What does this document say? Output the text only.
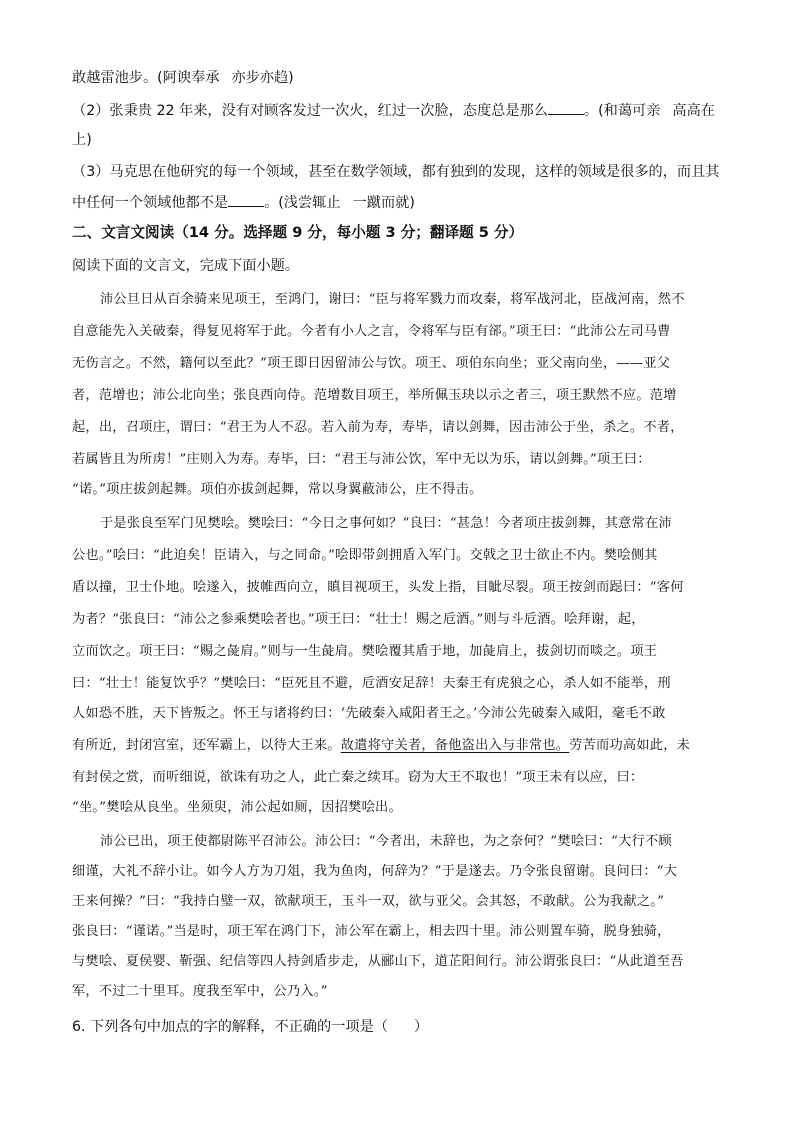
敢越雷池步。(阿谀奉承 亦步亦趋)
（2）张秉贵 22 年来，没有对顾客发过一次火，红过一次脸，态度总是那么	。(和蔼可亲 高高在
上)
（3）马克思在他研究的每一个领域，甚至在数学领域，都有独到的发现，这样的领域是很多的，而且其
中任何一个领域他都不是	。(浅尝辄止 一蹴而就)
二、文言文阅读（14 分。选择题 9 分，每小题 3 分；翻译题 5 分）
阅读下面的文言文，完成下面小题。
沛公旦日从百余骑来见项王，至鸿门，谢曰：“臣与将军戮力而攻秦，将军战河北，臣战河南，然不
自意能先入关破秦，得复见将军于此。今者有小人之言，令将军与臣有郤。”项王曰：“此沛公左司马曹
无伤言之。不然，籍何以至此？”项王即日因留沛公与饮。项王、项伯东向坐；亚父南向坐，——亚父
者，范增也；沛公北向坐；张良西向侍。范增数目项王，举所佩玉玦以示之者三，项王默然不应。范增
起，出，召项庄，谓曰：“君王为人不忍。若入前为寿，寿毕，请以剑舞，因击沛公于坐，杀之。不者，
若属皆且为所虏！”庄则入为寿。寿毕，曰：“君王与沛公饮，军中无以为乐，请以剑舞。”项王曰：
“诺。”项庄拔剑起舞。项伯亦拔剑起舞，常以身翼蔽沛公，庄不得击。
于是张良至军门见樊哙。樊哙曰：“今日之事何如？”良曰：“甚急！今者项庄拔剑舞，其意常在沛
公也。”哙曰：“此迫矣！臣请入，与之同命。”哙即带剑拥盾入军门。交戟之卫士欲止不内。樊哙侧其
盾以撞，卫士仆地。哙遂入，披帷西向立，瞋目视项王，头发上指，目眦尽裂。项王按剑而跽曰：“客何
为者？”张良曰：“沛公之参乘樊哙者也。”项王曰：“壮士！赐之卮酒。”则与斗卮酒。哙拜谢，起，
立而饮之。项王曰：“赐之彘肩。”则与一生彘肩。樊哙覆其盾于地，加彘肩上，拔剑切而啖之。项王
曰：“壮士！能复饮乎？”樊哙曰：“臣死且不避，卮酒安足辞！夫秦王有虎狼之心，杀人如不能举，刑
人如恐不胜，天下皆叛之。怀王与诸将约曰：‘先破秦入咸阳者王之。’今沛公先破秦入咸阳，毫毛不敢
有所近，封闭宫室，还军霸上，以待大王来。故遣将守关者，备他盗出入与非常也。劳苦而功高如此，未
有封侯之赏，而听细说，欲诛有功之人，此亡秦之续耳。窃为大王不取也！”项王未有以应，曰：
“坐。”樊哙从良坐。坐须臾，沛公起如厕，因招樊哙出。
沛公已出，项王使都尉陈平召沛公。沛公曰：“今者出，未辞也，为之奈何？”樊哙曰：“大行不顾
细谨，大礼不辞小让。如今人方为刀俎，我为鱼肉，何辞为？”于是遂去。乃令张良留谢。良问曰：“大
王来何操？”曰：“我持白璧一双，欲献项王，玉斗一双，欲与亚父。会其怒，不敢献。公为我献之。”
张良曰：“谨诺。”当是时，项王军在鸿门下，沛公军在霸上，相去四十里。沛公则置车骑，脱身独骑，
与樊哙、夏侯婴、靳强、纪信等四人持剑盾步走，从郦山下，道芷阳间行。沛公谓张良曰：“从此道至吾
军，不过二十里耳。度我至军中，公乃入。”
6. 下列各句中加点的字的解释，不正确的一项是（ ）
